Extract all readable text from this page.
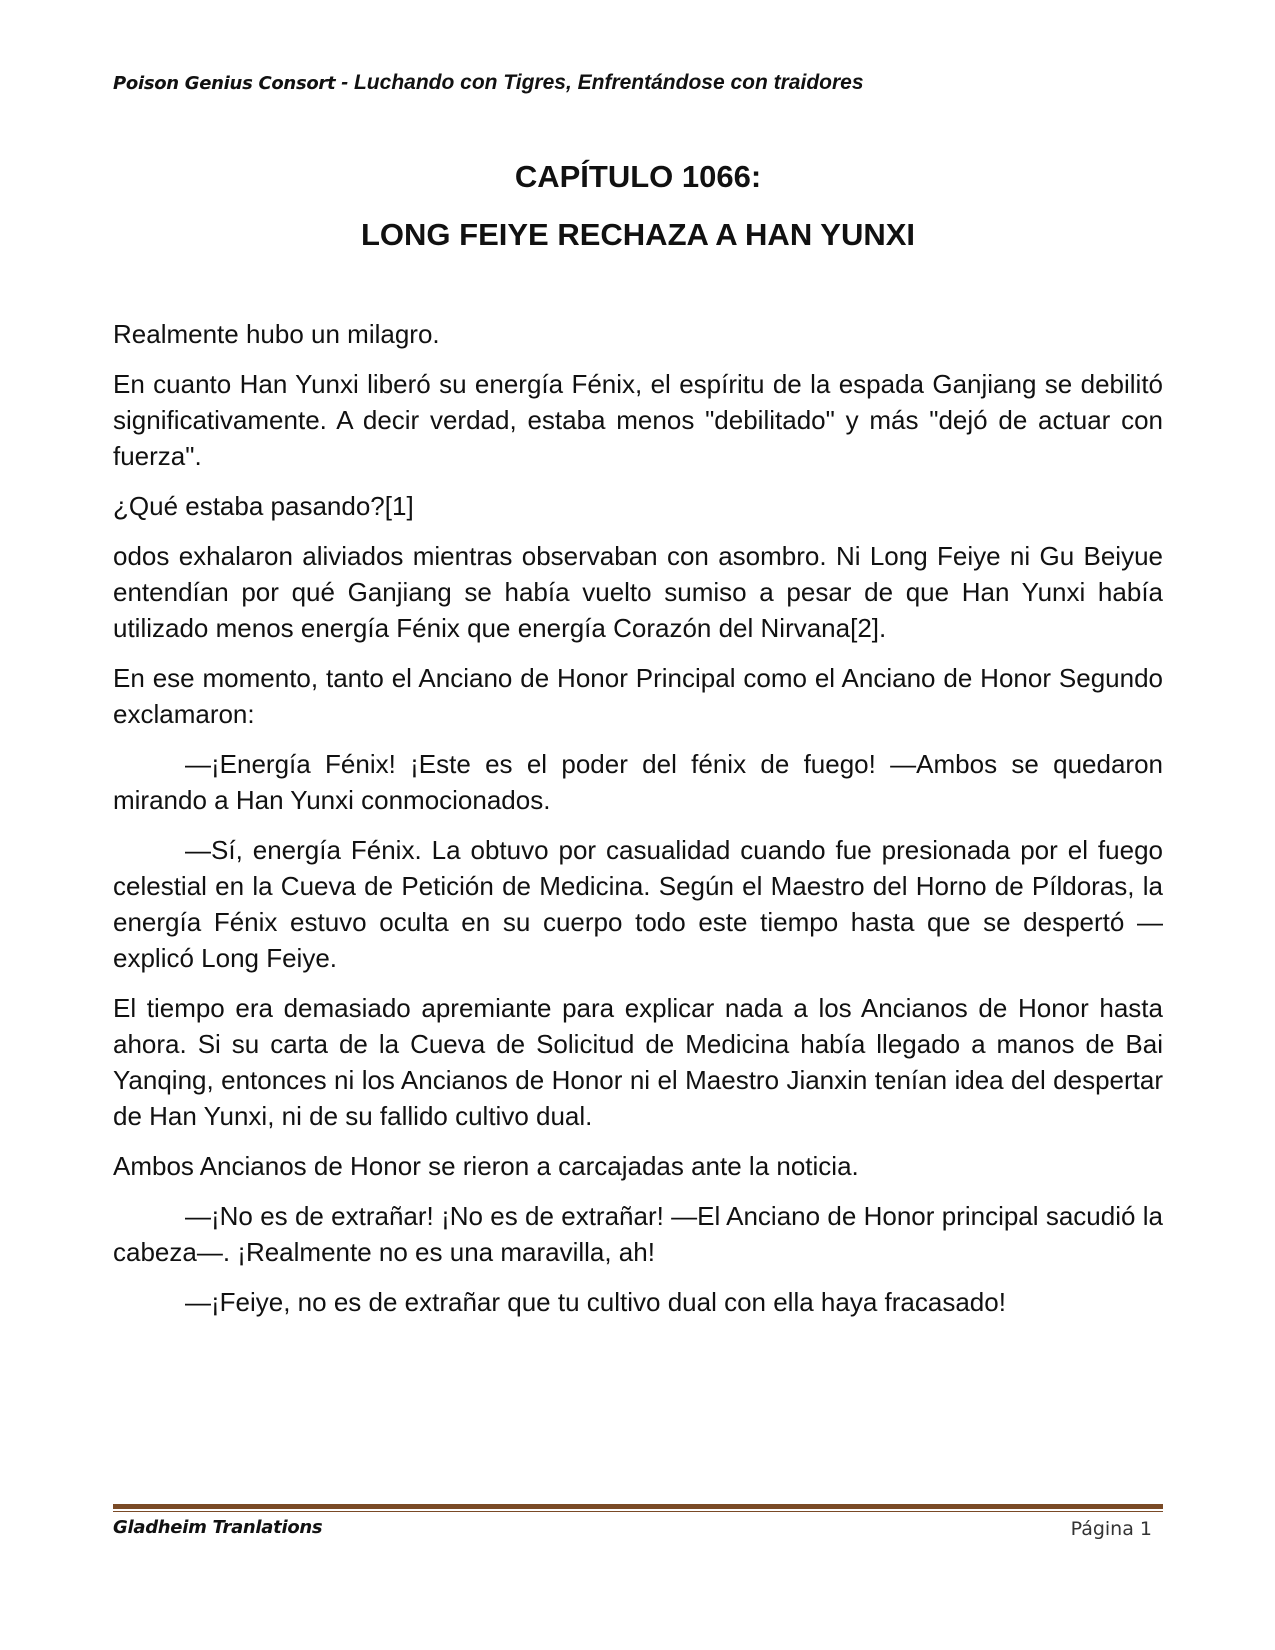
Poison Genius Consort - Luchando con Tigres, Enfrentándose con traidores
CAPÍTULO 1066:
LONG FEIYE RECHAZA A HAN YUNXI

Realmente hubo un milagro.

En cuanto Han Yunxi liberó su energía Fénix, el espíritu de la espada Ganjiang se debilitó significativamente. A decir verdad, estaba menos "debilitado" y más "dejó de actuar con fuerza".

¿Qué estaba pasando?[1]

odos exhalaron aliviados mientras observaban con asombro. Ni Long Feiye ni Gu Beiyue entendían por qué Ganjiang se había vuelto sumiso a pesar de que Han Yunxi había utilizado menos energía Fénix que energía Corazón del Nirvana[2].

En ese momento, tanto el Anciano de Honor Principal como el Anciano de Honor Segundo exclamaron:

—¡Energía Fénix! ¡Este es el poder del fénix de fuego! —Ambos se quedaron mirando a Han Yunxi conmocionados.

—Sí, energía Fénix. La obtuvo por casualidad cuando fue presionada por el fuego celestial en la Cueva de Petición de Medicina. Según el Maestro del Horno de Píldoras, la energía Fénix estuvo oculta en su cuerpo todo este tiempo hasta que se despertó —explicó Long Feiye.

El tiempo era demasiado apremiante para explicar nada a los Ancianos de Honor hasta ahora. Si su carta de la Cueva de Solicitud de Medicina había llegado a manos de Bai Yanqing, entonces ni los Ancianos de Honor ni el Maestro Jianxin tenían idea del despertar de Han Yunxi, ni de su fallido cultivo dual.

Ambos Ancianos de Honor se rieron a carcajadas ante la noticia.

—¡No es de extrañar! ¡No es de extrañar! —El Anciano de Honor principal sacudió la cabeza—. ¡Realmente no es una maravilla, ah!

—¡Feiye, no es de extrañar que tu cultivo dual con ella haya fracasado!

Gladheim Tranlations	Página 1
